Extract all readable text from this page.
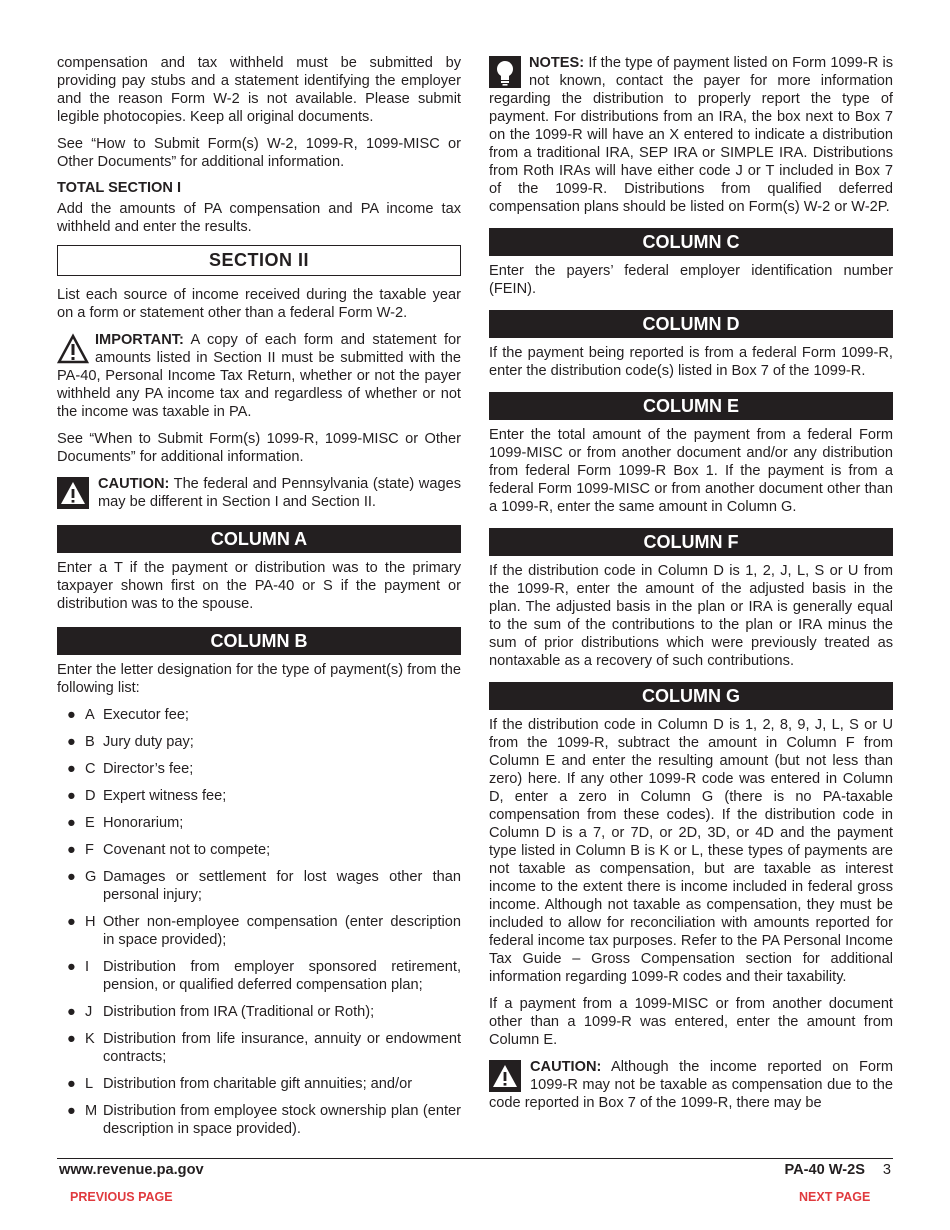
compensation and tax withheld must be submitted by providing pay stubs and a statement identifying the employer and the reason Form W-2 is not available. Please submit legible photocopies. Keep all original documents.

See “How to Submit Form(s) W-2, 1099-R, 1099-MISC or Other Documents” for additional information.

TOTAL SECTION I

Add the amounts of PA compensation and PA income tax withheld and enter the results.

SECTION II

List each source of income received during the taxable year on a form or statement other than a federal Form W-2.

IMPORTANT: A copy of each form and statement for amounts listed in Section II must be submitted with the PA-40, Personal Income Tax Return, whether or not the payer withheld any PA income tax and regardless of whether or not the income was taxable in PA.

See “When to Submit Form(s) 1099-R, 1099-MISC or Other Documents” for additional information.

CAUTION: The federal and Pennsylvania (state) wages may be different in Section I and Section II.

COLUMN A

Enter a T if the payment or distribution was to the primary taxpayer shown first on the PA-40 or S if the payment or distribution was to the spouse.

COLUMN B

Enter the letter designation for the type of payment(s) from the following list:

● A Executor fee;
● B Jury duty pay;
● C Director’s fee;
● D Expert witness fee;
● E Honorarium;
● F Covenant not to compete;
● G Damages or settlement for lost wages other than personal injury;
● H Other non-employee compensation (enter description in space provided);
● I Distribution from employer sponsored retirement, pension, or qualified deferred compensation plan;
● J Distribution from IRA (Traditional or Roth);
● K Distribution from life insurance, annuity or endowment contracts;
● L Distribution from charitable gift annuities; and/or
● M Distribution from employee stock ownership plan (enter description in space provided).

NOTES: If the type of payment listed on Form 1099-R is not known, contact the payer for more information regarding the distribution to properly report the type of payment. For distributions from an IRA, the box next to Box 7 on the 1099-R will have an X entered to indicate a distribution from a traditional IRA, SEP IRA or SIMPLE IRA. Distributions from Roth IRAs will have either code J or T included in Box 7 of the 1099-R. Distributions from qualified deferred compensation plans should be listed on Form(s) W-2 or W-2P.

COLUMN C

Enter the payers’ federal employer identification number (FEIN).

COLUMN D

If the payment being reported is from a federal Form 1099-R, enter the distribution code(s) listed in Box 7 of the 1099-R.

COLUMN E

Enter the total amount of the payment from a federal Form 1099-MISC or from another document and/or any distribution from federal Form 1099-R Box 1. If the payment is from a federal Form 1099-MISC or from another document other than a 1099-R, enter the same amount in Column G.

COLUMN F

If the distribution code in Column D is 1, 2, J, L, S or U from the 1099-R, enter the amount of the adjusted basis in the plan. The adjusted basis in the plan or IRA is generally equal to the sum of the contributions to the plan or IRA minus the sum of prior distributions which were previously treated as nontaxable as a recovery of such contributions.

COLUMN G

If the distribution code in Column D is 1, 2, 8, 9, J, L, S or U from the 1099-R, subtract the amount in Column F from Column E and enter the resulting amount (but not less than zero) here. If any other 1099-R code was entered in Column D, enter a zero in Column G (there is no PA-taxable compensation from these codes). If the distribution code in Column D is a 7, or 7D, or 2D, 3D, or 4D and the payment type listed in Column B is K or L, these types of payments are not taxable as compensation, but are taxable as interest income to the extent there is income included in federal gross income. Although not taxable as compensation, they must be included to allow for reconciliation with amounts reported for federal income tax purposes. Refer to the PA Personal Income Tax Guide – Gross Compensation section for additional information regarding 1099-R codes and their taxability.

If a payment from a 1099-MISC or from another document other than a 1099-R was entered, enter the amount from Column E.

CAUTION: Although the income reported on Form 1099-R may not be taxable as compensation due to the code reported in Box 7 of the 1099-R, there may be

www.revenue.pa.gov	PA-40 W-2S 3
PREVIOUS PAGE	NEXT PAGE
